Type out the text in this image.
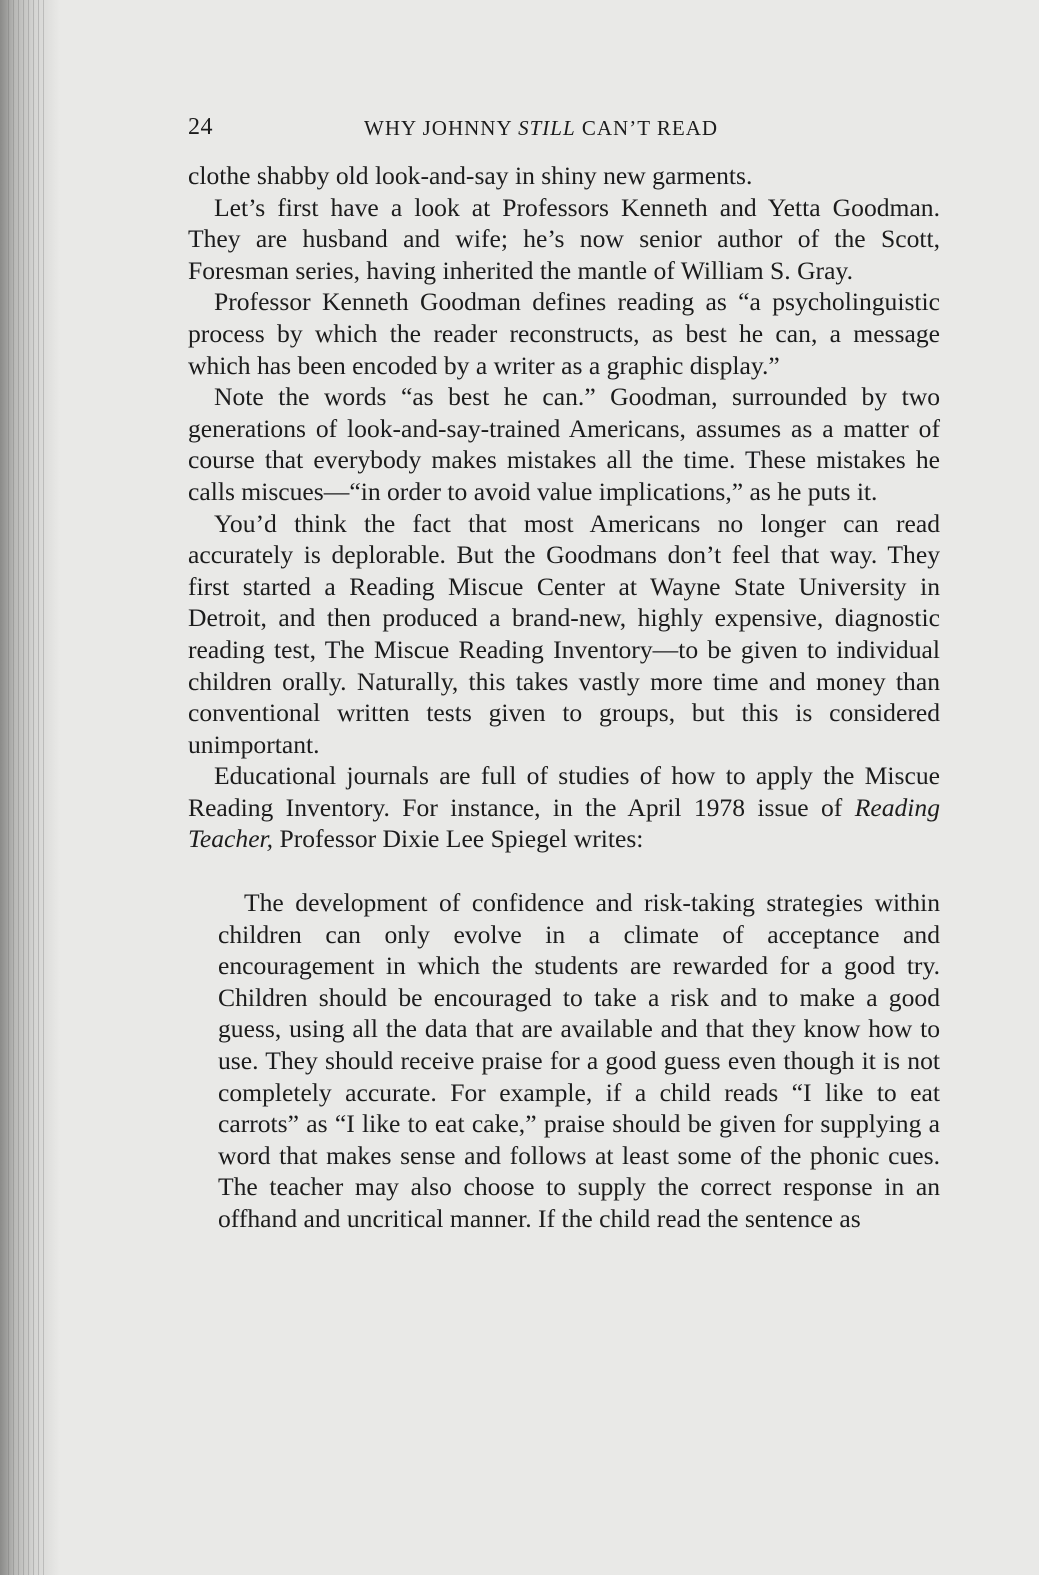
24	WHY JOHNNY STILL CAN’T READ

clothe shabby old look-and-say in shiny new garments.

Let’s first have a look at Professors Kenneth and Yetta Goodman. They are husband and wife; he’s now senior author of the Scott, Foresman series, having inherited the mantle of William S. Gray.

Professor Kenneth Goodman defines reading as “a psycholinguistic process by which the reader reconstructs, as best he can, a message which has been encoded by a writer as a graphic display.”

Note the words “as best he can.” Goodman, surrounded by two generations of look-and-say-trained Americans, assumes as a matter of course that everybody makes mistakes all the time. These mistakes he calls miscues—“in order to avoid value implications,” as he puts it.

You’d think the fact that most Americans no longer can read accurately is deplorable. But the Goodmans don’t feel that way. They first started a Reading Miscue Center at Wayne State University in Detroit, and then produced a brand-new, highly expensive, diagnostic reading test, The Miscue Reading Inventory—to be given to individual children orally. Naturally, this takes vastly more time and money than conventional written tests given to groups, but this is considered unimportant.

Educational journals are full of studies of how to apply the Miscue Reading Inventory. For instance, in the April 1978 issue of Reading Teacher, Professor Dixie Lee Spiegel writes:

The development of confidence and risk-taking strategies within children can only evolve in a climate of acceptance and encouragement in which the students are rewarded for a good try. Children should be encouraged to take a risk and to make a good guess, using all the data that are available and that they know how to use. They should receive praise for a good guess even though it is not completely accurate. For example, if a child reads “I like to eat carrots” as “I like to eat cake,” praise should be given for supplying a word that makes sense and follows at least some of the phonic cues. The teacher may also choose to supply the correct response in an offhand and uncritical manner. If the child read the sentence as
